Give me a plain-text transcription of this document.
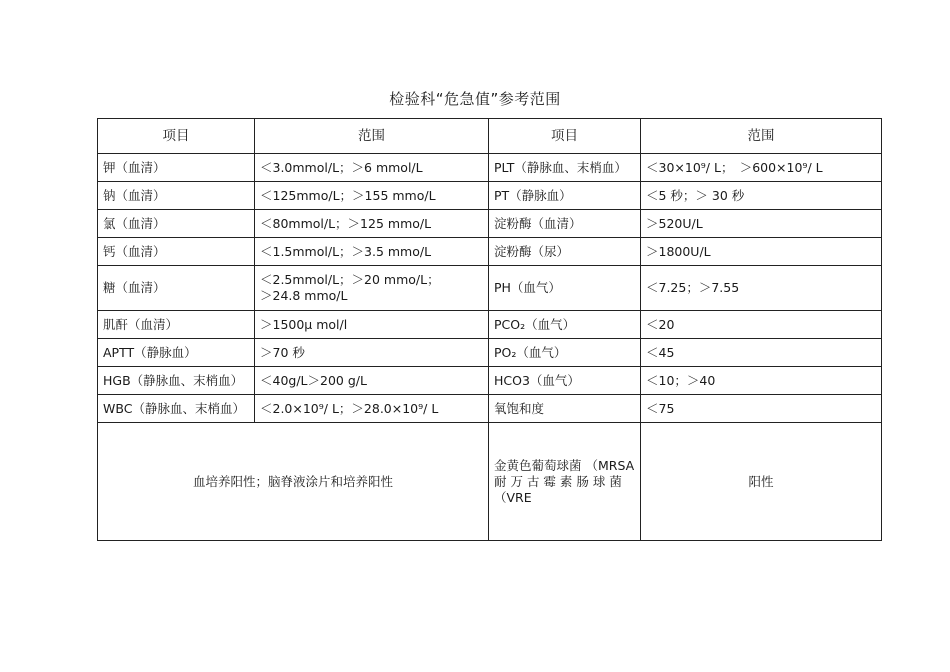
检验科“危急值”参考范围
项目	范围	项目	范围
钾（血清）	＜3.0mmol/L；＞6 mmol/L	PLT（静脉血、末梢血）	＜30×10⁹/ L；　＞600×10⁹/ L
钠（血清）	＜125mmo/L；＞155 mmo/L	PT（静脉血）	＜5 秒；＞ 30 秒
氯（血清）	＜80mmol/L；＞125 mmo/L	淀粉酶（血清）	＞520U/L
钙（血清）	＜1.5mmol/L；＞3.5 mmo/L	淀粉酶（尿）	＞1800U/L
糖（血清）	＜2.5mmol/L；＞20 mmo/L；
＞24.8 mmo/L	PH（血气）	＜7.25；＞7.55
肌酐（血清）	＞1500μ mol/l	PCO₂（血气）	＜20
APTT（静脉血）	＞70 秒	PO₂（血气）	＜45
HGB（静脉血、末梢血）	＜40g/L＞200 g/L	HCO3（血气）	＜10；＞40
WBC（静脉血、末梢血）	＜2.0×10⁹/ L；＞28.0×10⁹/ L	氧饱和度	＜75
血培养阳性；脑脊液涂片和培养阳性		金黄色葡萄球菌 （MRSA
耐 万 古 霉 素 肠 球 菌
（VRE	阳性
